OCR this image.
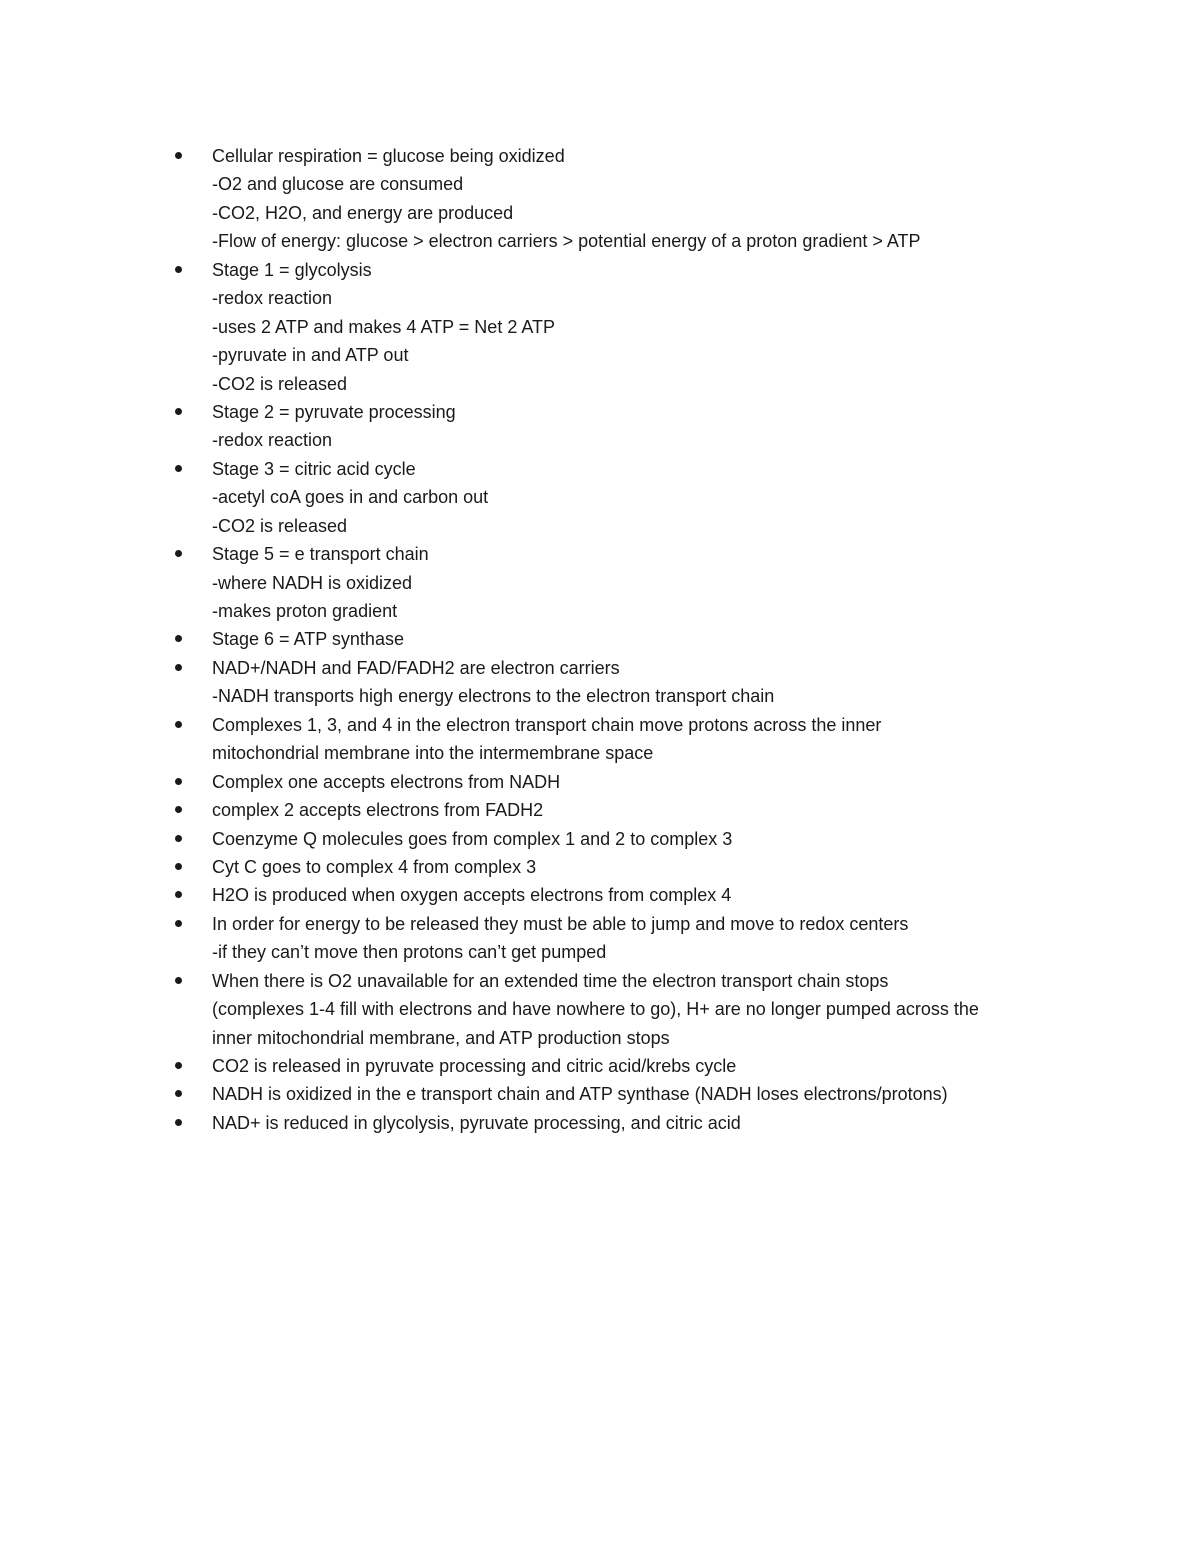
Cellular respiration = glucose being oxidized
-O2 and glucose are consumed
-CO2, H2O, and energy are produced
-Flow of energy: glucose > electron carriers > potential energy of a proton gradient > ATP
Stage 1 = glycolysis
-redox reaction
-uses 2 ATP and makes 4 ATP = Net 2 ATP
-pyruvate in and ATP out
-CO2 is released
Stage 2 = pyruvate processing
-redox reaction
Stage 3 = citric acid cycle
-acetyl coA goes in and carbon out
-CO2 is released
Stage 5 = e transport chain
-where NADH is oxidized
-makes proton gradient
Stage 6 = ATP synthase
NAD+/NADH and FAD/FADH2 are electron carriers
-NADH transports high energy electrons to the electron transport chain
Complexes 1, 3, and 4 in the electron transport chain move protons across the inner
mitochondrial membrane into the intermembrane space
Complex one accepts electrons from NADH
complex 2 accepts electrons from FADH2
Coenzyme Q molecules goes from complex 1 and 2 to complex 3
Cyt C goes to complex 4 from complex 3
H2O is produced when oxygen accepts electrons from complex 4
In order for energy to be released they must be able to jump and move to redox centers
-if they can’t move then protons can’t get pumped
When there is O2 unavailable for an extended time the electron transport chain stops
(complexes 1-4 fill with electrons and have nowhere to go), H+ are no longer pumped across the
inner mitochondrial membrane, and ATP production stops
CO2 is released in pyruvate processing and citric acid/krebs cycle
NADH is oxidized in the e transport chain and ATP synthase (NADH loses electrons/protons)
NAD+ is reduced in glycolysis, pyruvate processing, and citric acid
